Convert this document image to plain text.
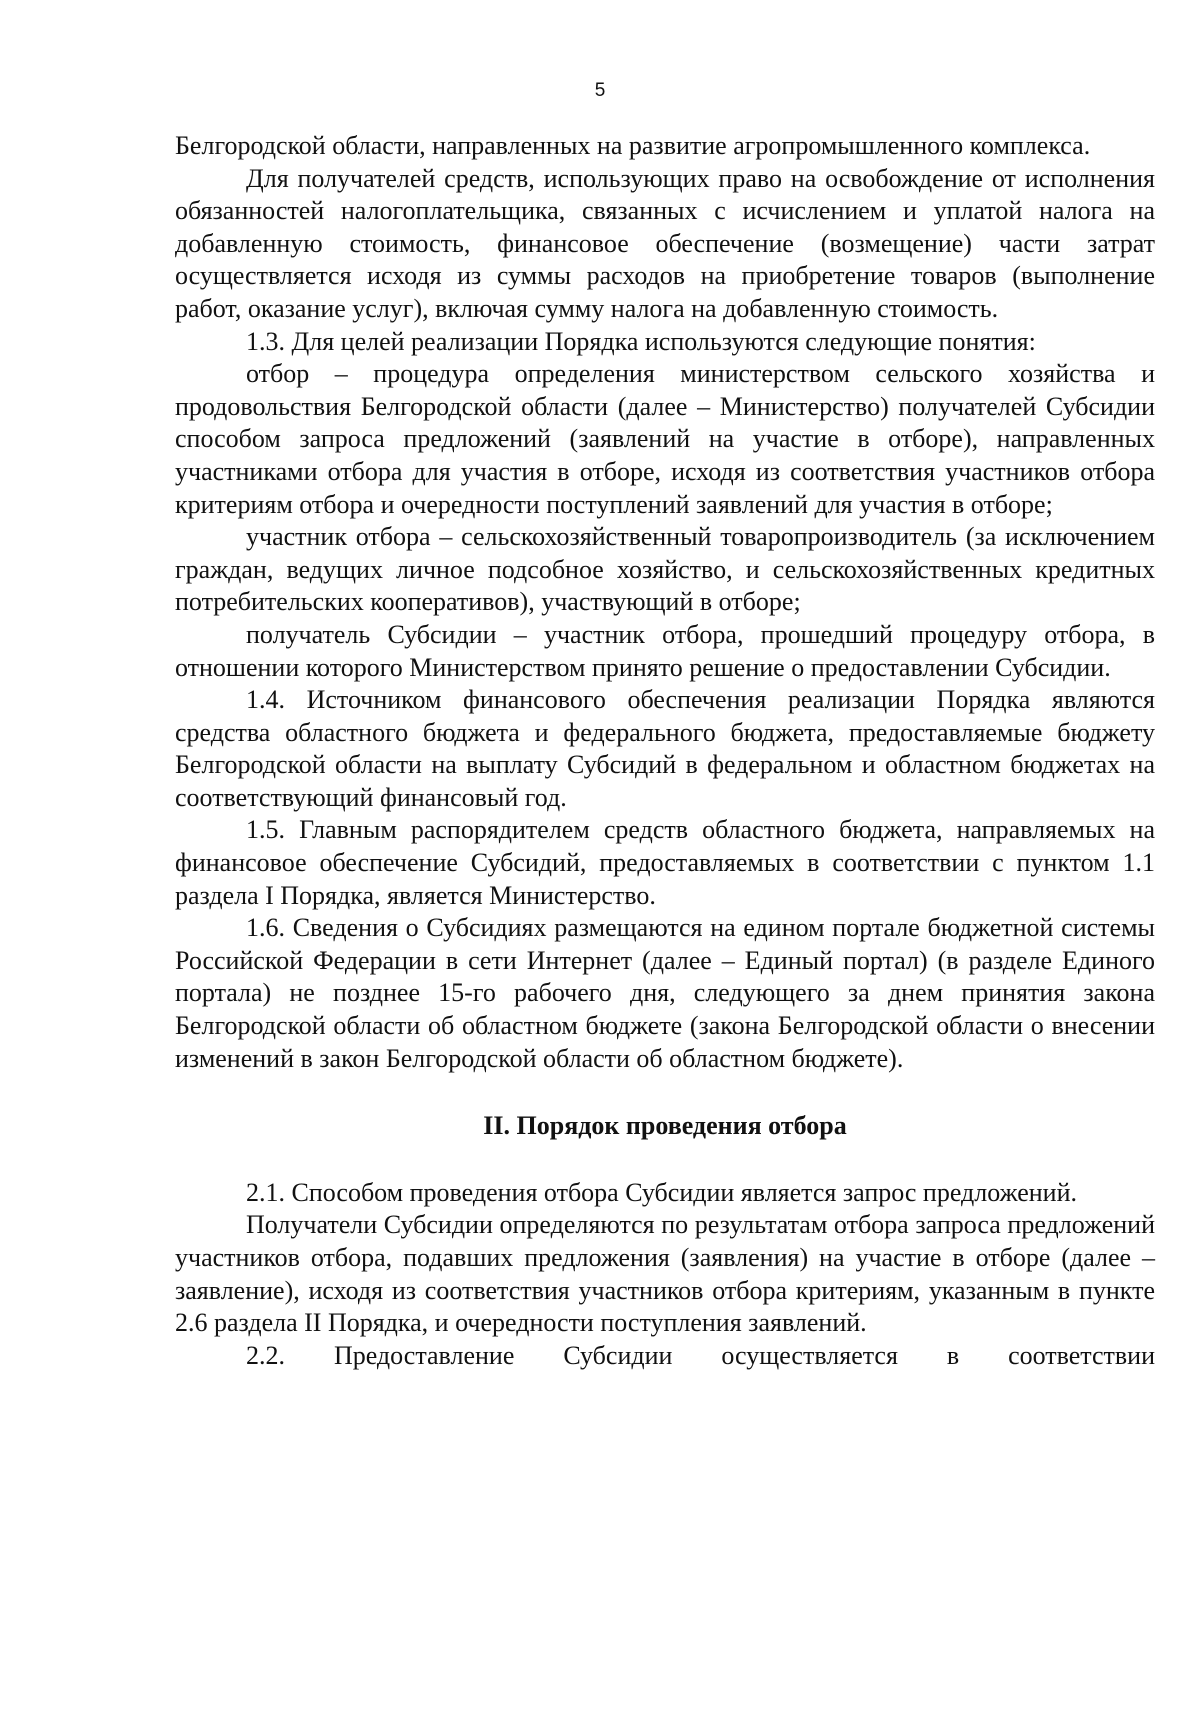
5

Белгородской области, направленных на развитие агропромышленного комплекса.

Для получателей средств, использующих право на освобождение от исполнения обязанностей налогоплательщика, связанных с исчислением и уплатой налога на добавленную стоимость, финансовое обеспечение (возмещение) части затрат осуществляется исходя из суммы расходов на приобретение товаров (выполнение работ, оказание услуг), включая сумму налога на добавленную стоимость.

1.3. Для целей реализации Порядка используются следующие понятия:

отбор – процедура определения министерством сельского хозяйства и продовольствия Белгородской области (далее – Министерство) получателей Субсидии способом запроса предложений (заявлений на участие в отборе), направленных участниками отбора для участия в отборе, исходя из соответствия участников отбора критериям отбора и очередности поступлений заявлений для участия в отборе;

участник отбора – сельскохозяйственный товаропроизводитель (за исключением граждан, ведущих личное подсобное хозяйство, и сельскохозяйственных кредитных потребительских кооперативов), участвующий в отборе;

получатель Субсидии – участник отбора, прошедший процедуру отбора, в отношении которого Министерством принято решение о предоставлении Субсидии.

1.4. Источником финансового обеспечения реализации Порядка являются средства областного бюджета и федерального бюджета, предоставляемые бюджету Белгородской области на выплату Субсидий в федеральном и областном бюджетах на соответствующий финансовый год.

1.5. Главным распорядителем средств областного бюджета, направляемых на финансовое обеспечение Субсидий, предоставляемых в соответствии с пунктом 1.1 раздела I Порядка, является Министерство.

1.6. Сведения о Субсидиях размещаются на едином портале бюджетной системы Российской Федерации в сети Интернет (далее – Единый портал) (в разделе Единого портала) не позднее 15-го рабочего дня, следующего за днем принятия закона Белгородской области об областном бюджете (закона Белгородской области о внесении изменений в закон Белгородской области об областном бюджете).

II. Порядок проведения отбора

2.1. Способом проведения отбора Субсидии является запрос предложений.

Получатели Субсидии определяются по результатам отбора запроса предложений участников отбора, подавших предложения (заявления) на участие в отборе (далее – заявление), исходя из соответствия участников отбора критериям, указанным в пункте 2.6 раздела II Порядка, и очередности поступления заявлений.

2.2. Предоставление Субсидии осуществляется в соответствии
